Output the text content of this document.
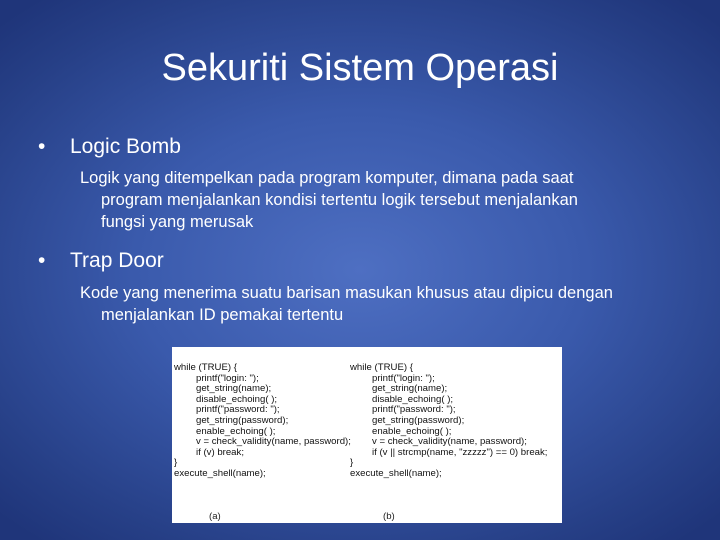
Sekuriti Sistem Operasi
• Logic Bomb
Logik yang ditempelkan pada program komputer, dimana pada saat
program menjalankan kondisi tertentu logik tersebut menjalankan
fungsi yang merusak
• Trap Door
Kode yang menerima suatu barisan masukan khusus atau dipicu dengan
menjalankan ID pemakai tertentu
while (TRUE) {
printf("login: ");
get_string(name);
disable_echoing( );
printf("password: ");
get_string(password);
enable_echoing( );
v = check_validity(name, password);
if (v) break;
}
execute_shell(name);
while (TRUE) {
printf("login: ");
get_string(name);
disable_echoing( );
printf("password: ");
get_string(password);
enable_echoing( );
v = check_validity(name, password);
if (v || strcmp(name, "zzzzz") == 0) break;
}
execute_shell(name);
(a)	(b)
